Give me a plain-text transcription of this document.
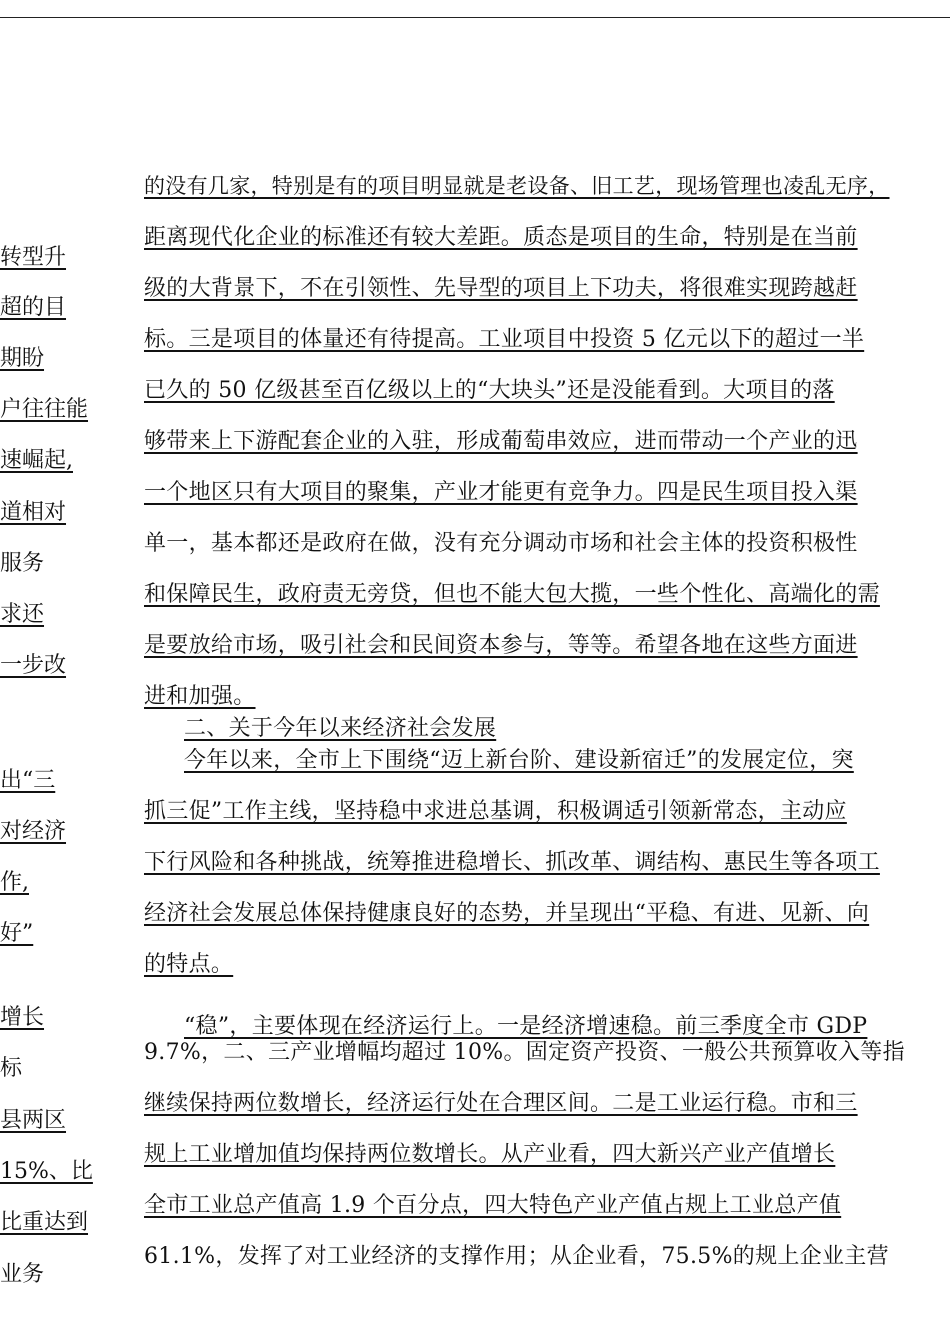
转型升
超的目
期盼
户往往能
速崛起,
道相对
服务
求还
一步改
出“三
对经济
作,
好”
增长
标
县两区
15%、比
比重达到
业务
的没有几家，特别是有的项目明显就是老设备、旧工艺，现场管理也凌乱无序，
距离现代化企业的标准还有较大差距。质态是项目的生命，特别是在当前
级的大背景下，不在引领性、先导型的项目上下功夫，将很难实现跨越赶
标。三是项目的体量还有待提高。工业项目中投资 5 亿元以下的超过一半
已久的 50 亿级甚至百亿级以上的“大块头”还是没能看到。大项目的落
够带来上下游配套企业的入驻，形成葡萄串效应，进而带动一个产业的迅
一个地区只有大项目的聚集，产业才能更有竞争力。四是民生项目投入渠
单一，基本都还是政府在做，没有充分调动市场和社会主体的投资积极性
和保障民生，政府责无旁贷，但也不能大包大揽，一些个性化、高端化的需
是要放给市场，吸引社会和民间资本参与，等等。希望各地在这些方面进
进和加强。
二、关于今年以来经济社会发展
今年以来，全市上下围绕“迈上新台阶、建设新宿迁”的发展定位，突
抓三促”工作主线，坚持稳中求进总基调，积极调适引领新常态，主动应
下行风险和各种挑战，统筹推进稳增长、抓改革、调结构、惠民生等各项工
经济社会发展总体保持健康良好的态势，并呈现出“平稳、有进、见新、向
的特点。
“稳”，主要体现在经济运行上。一是经济增速稳。前三季度全市 GDP
9.7%，二、三产业增幅均超过 10%。固定资产投资、一般公共预算收入等指
继续保持两位数增长，经济运行处在合理区间。二是工业运行稳。市和三
规上工业增加值均保持两位数增长。从产业看，四大新兴产业产值增长
全市工业总产值高 1.9 个百分点，四大特色产业产值占规上工业总产值
61.1%，发挥了对工业经济的支撑作用；从企业看，75.5%的规上企业主营
